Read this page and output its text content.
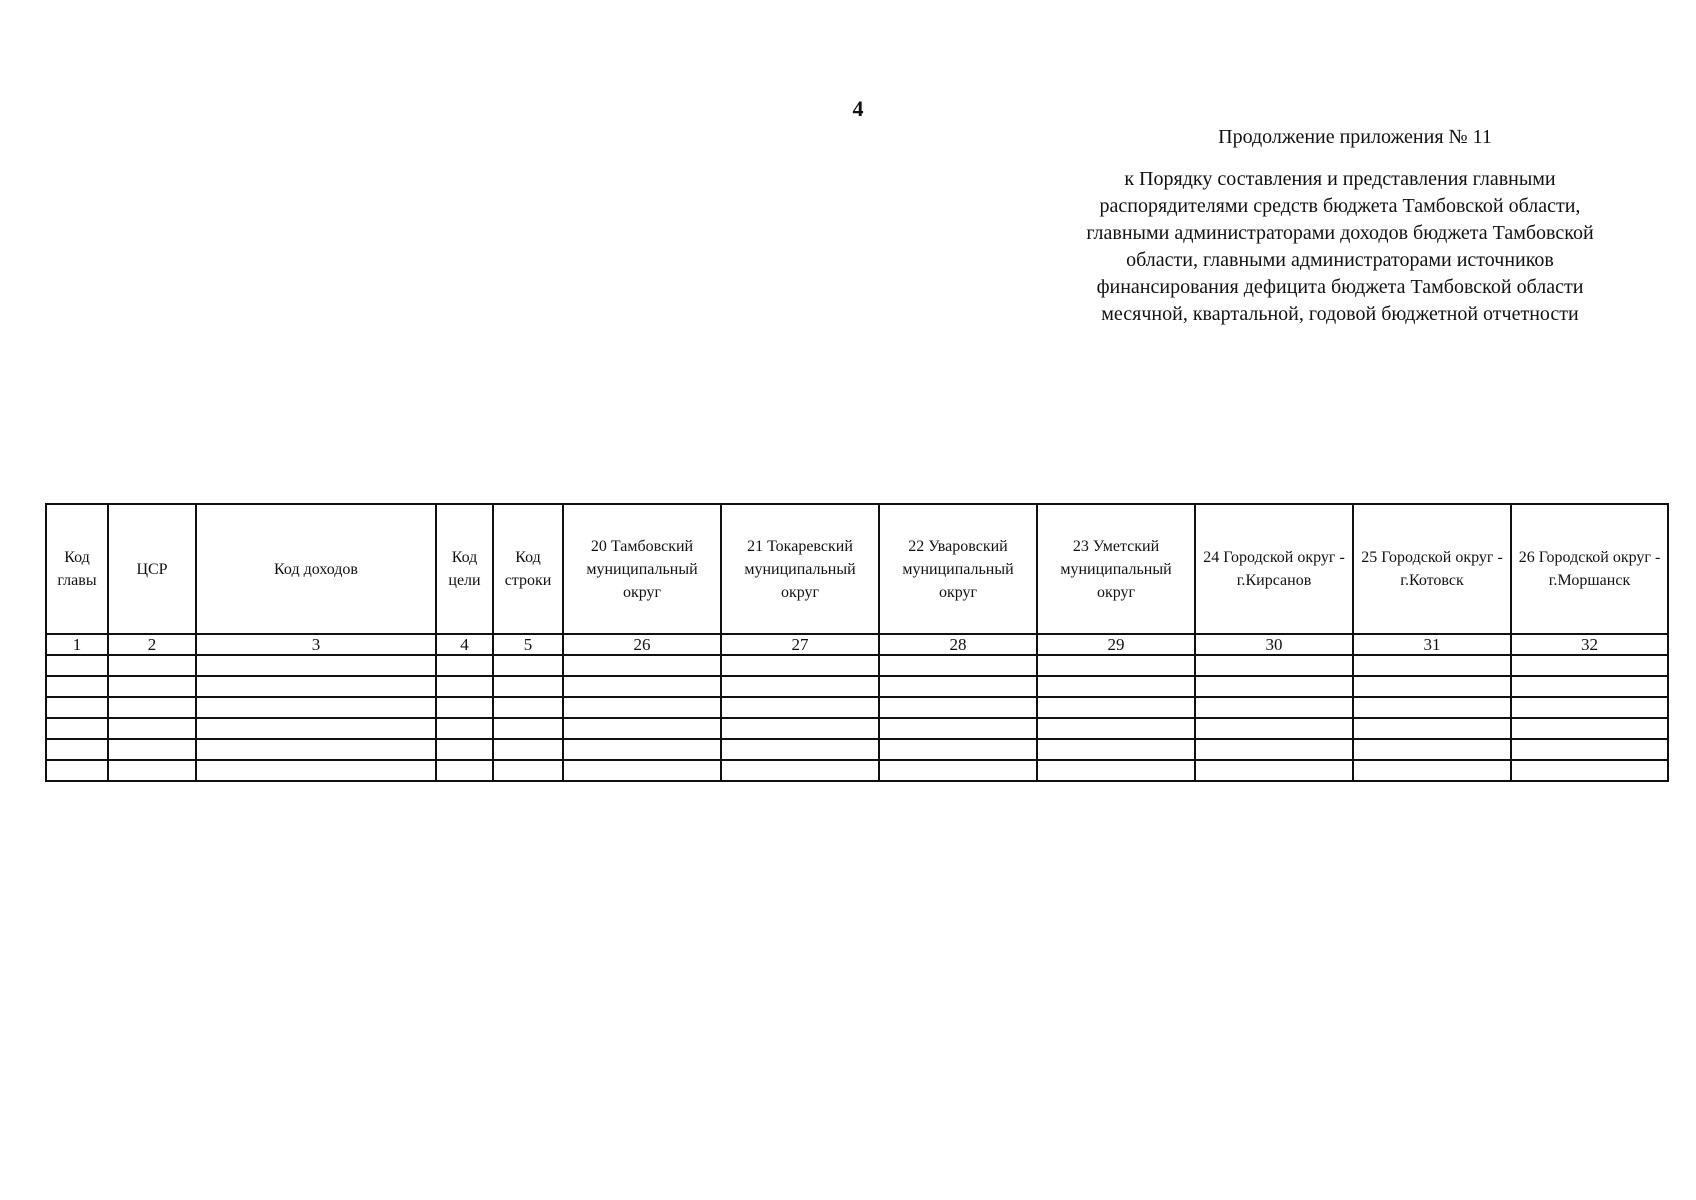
4
Продолжение приложения № 11
к Порядку составления и представления главными
распорядителями средств бюджета Тамбовской области,
главными администраторами доходов бюджета Тамбовской
области, главными администраторами источников
финансирования дефицита бюджета Тамбовской области
месячной, квартальной, годовой бюджетной отчетности
Код главы	ЦСР	Код доходов	Код цели	Код строки	20 Тамбовский муниципальный округ	21 Токаревский муниципальный округ	22 Уваровский муниципальный округ	23 Уметский муниципальный округ	24 Городской округ - г.Кирсанов	25 Городской округ - г.Котовск	26 Городской округ - г.Моршанск

1	2	3	4	5	26	27	28	29	30	31	32
